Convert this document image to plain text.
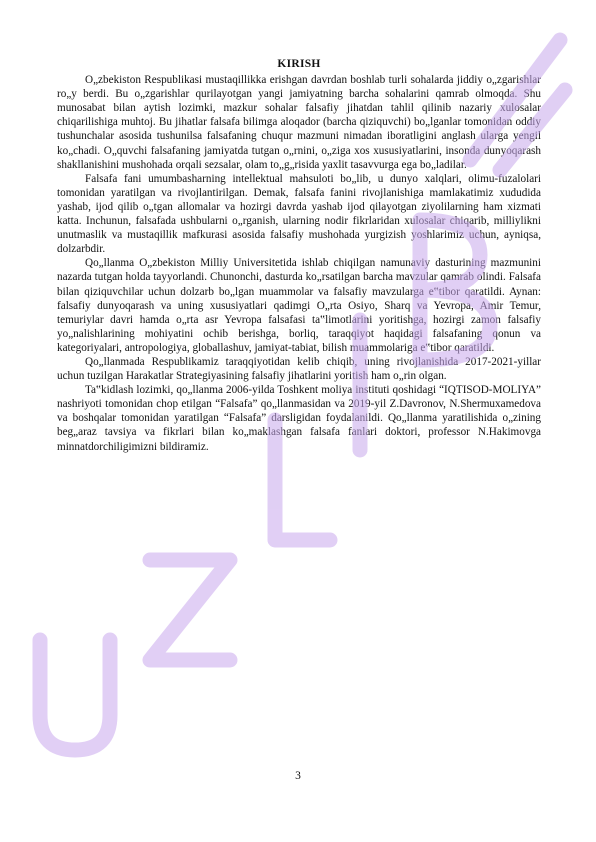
KIRISH

O„zbekiston Respublikasi mustaqillikka erishgan davrdan boshlab turli sohalarda jiddiy o„zgarishlar ro„y berdi. Bu o„zgarishlar qurilayotgan yangi jamiyatning barcha sohalarini qamrab olmoqda. Shu munosabat bilan aytish lozimki, mazkur sohalar falsafiy jihatdan tahlil qilinib nazariy xulosalar chiqarilishiga muhtoj. Bu jihatlar falsafa bilimga aloqador (barcha qiziquvchi) bo„lganlar tomonidan oddiy tushunchalar asosida tushunilsa falsafaning chuqur mazmuni nimadan iboratligini anglash ularga yengil ko„chadi. O„quvchi falsafaning jamiyatda tutgan o„rnini, o„ziga xos xususiyatlarini, insonda dunyoqarash shakllanishini mushohada orqali sezsalar, olam to„g„risida yaxlit tasavvurga ega bo„ladilar.

Falsafa fani umumbasharning intellektual mahsuloti bo„lib, u dunyo xalqlari, olimu-fuzalolari tomonidan yaratilgan va rivojlantirilgan. Demak, falsafa fanini rivojlanishiga mamlakatimiz xududida yashab, ijod qilib o„tgan allomalar va hozirgi davrda yashab ijod qilayotgan ziyolilarning ham xizmati katta. Inchunun, falsafada ushbularni o„rganish, ularning nodir fikrlaridan xulosalar chiqarib, milliylikni unutmaslik va mustaqillik mafkurasi asosida falsafiy mushohada yurgizish yoshlarimiz uchun, ayniqsa, dolzarbdir.

Qo„llanma O„zbekiston Milliy Universitetida ishlab chiqilgan namunaviy dasturining mazmunini nazarda tutgan holda tayyorlandi. Chunonchi, dasturda ko„rsatilgan barcha mavzular qamrab olindi. Falsafa bilan qiziquvchilar uchun dolzarb bo„lgan muammolar va falsafiy mavzularga e‟tibor qaratildi. Aynan: falsafiy dunyoqarash va uning xususiyatlari qadimgi O„rta Osiyo, Sharq va Yevropa, Amir Temur, temuriylar davri hamda o„rta asr Yevropa falsafasi ta‟limotlarini yoritishga, hozirgi zamon falsafiy yo„nalishlarining mohiyatini ochib berishga, borliq, taraqqiyot haqidagi falsafaning qonun va kategoriyalari, antropologiya, globallashuv, jamiyat-tabiat, bilish muammolariga e‟tibor qaratildi.

Qo„llanmada Respublikamiz taraqqiyotidan kelib chiqib, uning rivojlanishida 2017-2021-yillar uchun tuzilgan Harakatlar Strategiyasining falsafiy jihatlarini yoritish ham o„rin olgan.

Ta‟kidlash lozimki, qo„llanma 2006-yilda Toshkent moliya instituti qoshidagi “IQTISOD-MOLIYA” nashriyoti tomonidan chop etilgan “Falsafa” qo„llanmasidan va 2019-yil Z.Davronov, N.Shermuxamedova va boshqalar tomonidan yaratilgan “Falsafa” darsligidan foydalanildi. Qo„llanma yaratilishida o„zining beg„araz tavsiya va fikrlari bilan ko„maklashgan falsafa fanlari doktori, professor N.Hakimovga minnatdorchiligimizni bildiramiz.

3
